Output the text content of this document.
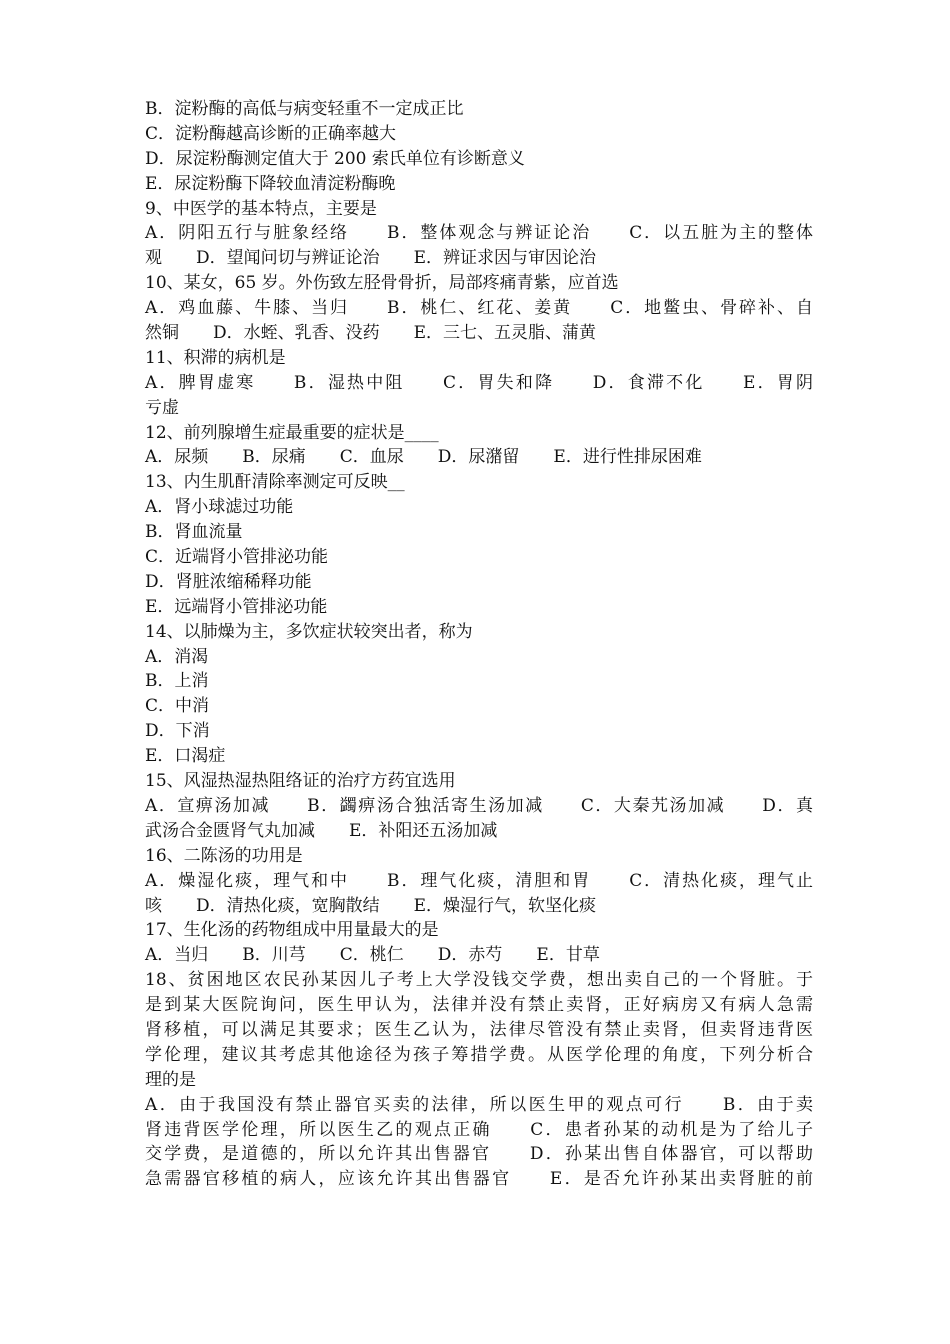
B．淀粉酶的高低与病变轻重不一定成正比
C．淀粉酶越高诊断的正确率越大
D．尿淀粉酶测定值大于 200 索氏单位有诊断意义
E．尿淀粉酶下降较血清淀粉酶晚
9、中医学的基本特点，主要是
A．阴阳五行与脏象经络　　B．整体观念与辨证论治　　C．以五脏为主的整体
观　　D．望闻问切与辨证论治　　E．辨证求因与审因论治
10、某女，65 岁。外伤致左胫骨骨折，局部疼痛青紫，应首选
A．鸡血藤、牛膝、当归　　B．桃仁、红花、姜黄　　C．地鳖虫、骨碎补、自
然铜　　D．水蛭、乳香、没药　　E．三七、五灵脂、蒲黄
11、积滞的病机是
A．脾胃虚寒　　B．湿热中阻　　C．胃失和降　　D．食滞不化　　E．胃阴
亏虚
12、前列腺增生症最重要的症状是____
A．尿频　　B．尿痛　　C．血尿　　D．尿潴留　　E．进行性排尿困难
13、内生肌酐清除率测定可反映__
A．肾小球滤过功能
B．肾血流量
C．近端肾小管排泌功能
D．肾脏浓缩稀释功能
E．远端肾小管排泌功能
14、以肺燥为主，多饮症状较突出者，称为
A．消渴
B．上消
C．中消
D．下消
E．口渴症
15、风湿热湿热阻络证的治疗方药宜选用
A．宣痹汤加减　　B．蠲痹汤合独活寄生汤加减　　C．大秦艽汤加减　　D．真
武汤合金匮肾气丸加减　　E．补阳还五汤加减
16、二陈汤的功用是
A．燥湿化痰，理气和中　　B．理气化痰，清胆和胃　　C．清热化痰，理气止
咳　　D．清热化痰，宽胸散结　　E．燥湿行气，软坚化痰
17、生化汤的药物组成中用量最大的是
A．当归　　B．川芎　　C．桃仁　　D．赤芍　　E．甘草
18、贫困地区农民孙某因儿子考上大学没钱交学费，想出卖自己的一个肾脏。于
是到某大医院询问，医生甲认为，法律并没有禁止卖肾，正好病房又有病人急需
肾移植，可以满足其要求；医生乙认为，法律尽管没有禁止卖肾，但卖肾违背医
学伦理，建议其考虑其他途径为孩子筹措学费。从医学伦理的角度，下列分析合
理的是
A．由于我国没有禁止器官买卖的法律，所以医生甲的观点可行　　B．由于卖
肾违背医学伦理，所以医生乙的观点正确　　C．患者孙某的动机是为了给儿子
交学费，是道德的，所以允许其出售器官　　D．孙某出售自体器官，可以帮助
急需器官移植的病人，应该允许其出售器官　　E．是否允许孙某出卖肾脏的前
